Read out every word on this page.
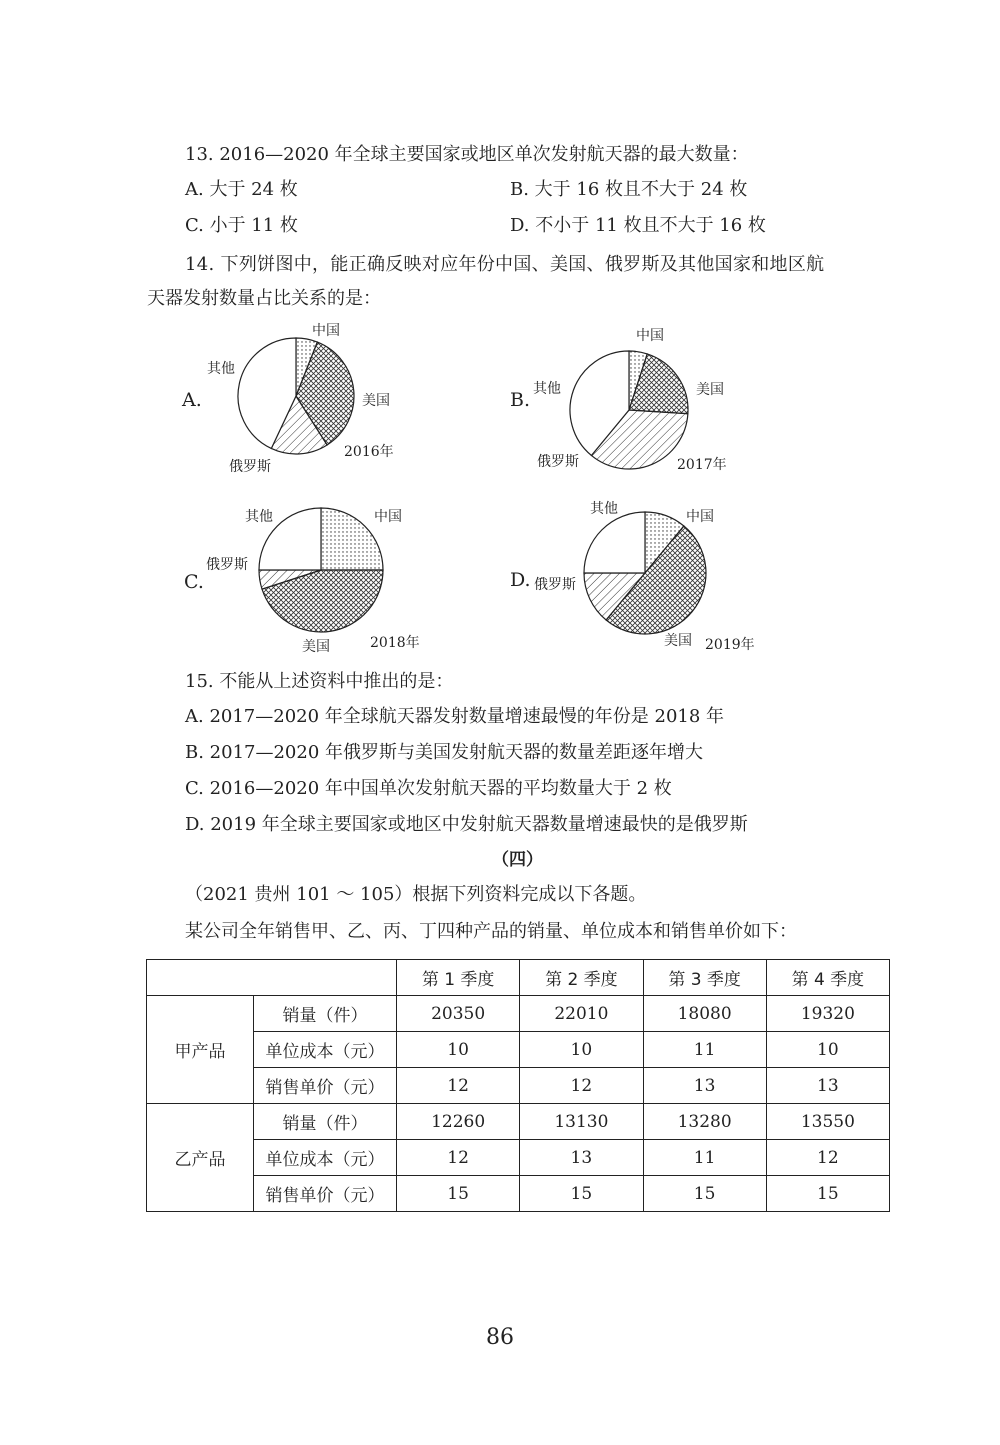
13. 2016—2020 年全球主要国家或地区单次发射航天器的最大数量：
A. 大于 24 枚	B. 大于 16 枚且不大于 24 枚
C. 小于 11 枚	D. 不小于 11 枚且不大于 16 枚
14. 下列饼图中，能正确反映对应年份中国、美国、俄罗斯及其他国家和地区航
天器发射数量占比关系的是：
A.
中国
美国
俄罗斯
其他
2016年
B.
中国
美国
俄罗斯
其他
2017年
C.
中国
美国
俄罗斯
其他
2018年
D.
中国
美国
俄罗斯
其他
2019年
15. 不能从上述资料中推出的是：
A. 2017—2020 年全球航天器发射数量增速最慢的年份是 2018 年
B. 2017—2020 年俄罗斯与美国发射航天器的数量差距逐年增大
C. 2016—2020 年中国单次发射航天器的平均数量大于 2 枚
D. 2019 年全球主要国家或地区中发射航天器数量增速最快的是俄罗斯
（四）
（2021 贵州 101 ～ 105）根据下列资料完成以下各题。
某公司全年销售甲、乙、丙、丁四种产品的销量、单位成本和销售单价如下：
		第 1 季度	第 2 季度	第 3 季度	第 4 季度
甲产品	销量（件）	20350	22010	18080	19320
	单位成本（元）	10	10	11	10
	销售单价（元）	12	12	13	13
乙产品	销量（件）	12260	13130	13280	13550
	单位成本（元）	12	13	11	12
	销售单价（元）	15	15	15	15
86
